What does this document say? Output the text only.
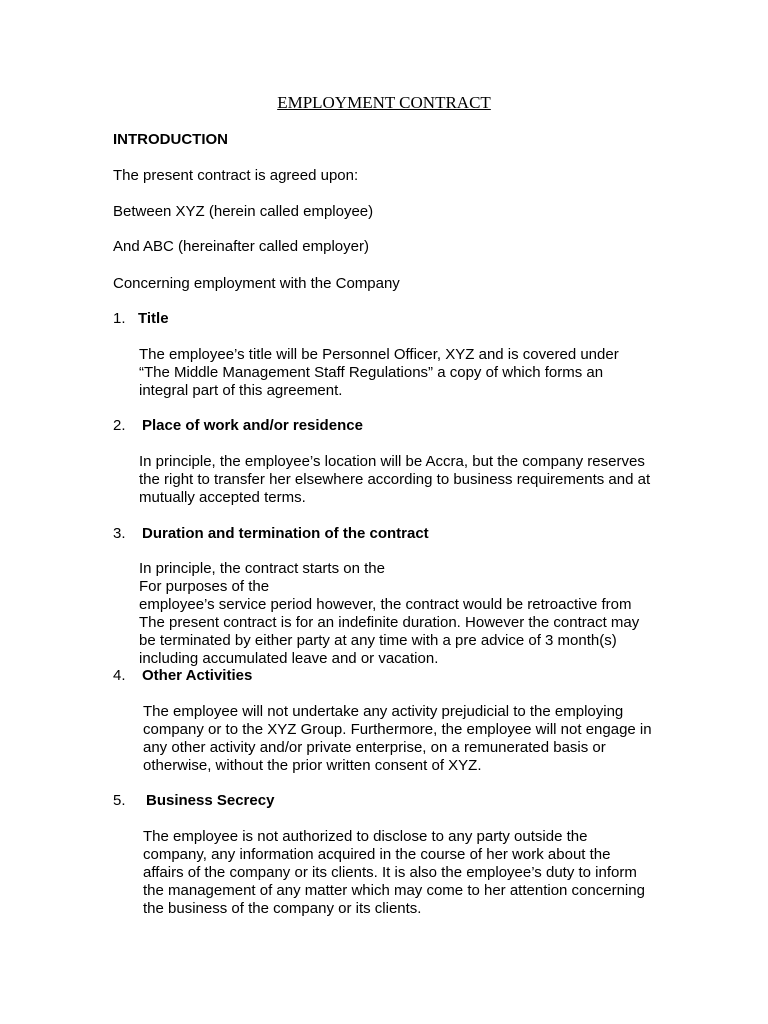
EMPLOYMENT CONTRACT
INTRODUCTION
The present contract is agreed upon:
Between XYZ (herein called employee)
And ABC (hereinafter called employer)
Concerning employment with the Company
1. Title
The employee’s title will be Personnel Officer, XYZ and is covered under
“The Middle Management Staff Regulations” a copy of which forms an
integral part of this agreement.
2. Place of work and/or residence
In principle, the employee’s location will be Accra, but the company reserves
the right to transfer her elsewhere according to business requirements and at
mutually accepted terms.
3. Duration and termination of the contract
In principle, the contract starts on the
For purposes of the
employee’s service period however, the contract would be retroactive from
The present contract is for an indefinite duration. However the contract may
be terminated by either party at any time with a pre advice of 3 month(s)
including accumulated leave and or vacation.
4. Other Activities
The employee will not undertake any activity prejudicial to the employing
company or to the XYZ Group. Furthermore, the employee will not engage in
any other activity and/or private enterprise, on a remunerated basis or
otherwise, without the prior written consent of XYZ.
5. Business Secrecy
The employee is not authorized to disclose to any party outside the
company, any information acquired in the course of her work about the
affairs of the company or its clients. It is also the employee’s duty to inform
the management of any matter which may come to her attention concerning
the business of the company or its clients.
